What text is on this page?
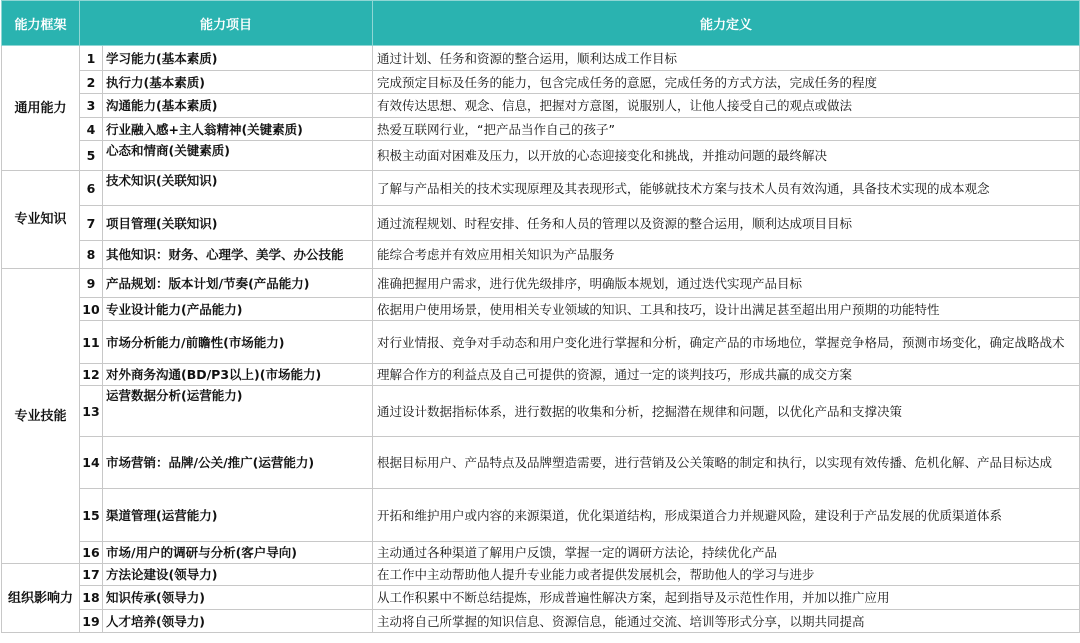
能力框架	能力项目		能力定义
通用能力	1	学习能力(基本素质)	通过计划、任务和资源的整合运用，顺利达成工作目标
	2	执行力(基本素质)	完成预定目标及任务的能力，包含完成任务的意愿，完成任务的方式方法，完成任务的程度
	3	沟通能力(基本素质)	有效传达思想、观念、信息，把握对方意图，说服别人，让他人接受自己的观点或做法
	4	行业融入感+主人翁精神(关键素质)	热爱互联网行业，“把产品当作自己的孩子”
	5	心态和情商(关键素质)	积极主动面对困难及压力，以开放的心态迎接变化和挑战，并推动问题的最终解决
专业知识	6	技术知识(关联知识)	了解与产品相关的技术实现原理及其表现形式，能够就技术方案与技术人员有效沟通，具备技术实现的成本观念
	7	项目管理(关联知识)	通过流程规划、时程安排、任务和人员的管理以及资源的整合运用，顺利达成项目目标
	8	其他知识：财务、心理学、美学、办公技能	能综合考虑并有效应用相关知识为产品服务
专业技能	9	产品规划：版本计划/节奏(产品能力)	准确把握用户需求，进行优先级排序，明确版本规划，通过迭代实现产品目标
	10	专业设计能力(产品能力)	依据用户使用场景，使用相关专业领域的知识、工具和技巧，设计出满足甚至超出用户预期的功能特性
	11	市场分析能力/前瞻性(市场能力)	对行业情报、竞争对手动态和用户变化进行掌握和分析，确定产品的市场地位，掌握竞争格局，预测市场变化，确定战略战术
	12	对外商务沟通(BD/P3以上)(市场能力)	理解合作方的利益点及自己可提供的资源，通过一定的谈判技巧，形成共赢的成交方案
	13	运营数据分析(运营能力)	通过设计数据指标体系，进行数据的收集和分析，挖掘潜在规律和问题，以优化产品和支撑决策
	14	市场营销：品牌/公关/推广(运营能力)	根据目标用户、产品特点及品牌塑造需要，进行营销及公关策略的制定和执行，以实现有效传播、危机化解、产品目标达成
	15	渠道管理(运营能力)	开拓和维护用户或内容的来源渠道，优化渠道结构，形成渠道合力并规避风险，建设利于产品发展的优质渠道体系
	16	市场/用户的调研与分析(客户导向)	主动通过各种渠道了解用户反馈，掌握一定的调研方法论，持续优化产品
组织影响力	17	方法论建设(领导力)	在工作中主动帮助他人提升专业能力或者提供发展机会，帮助他人的学习与进步
	18	知识传承(领导力)	从工作积累中不断总结提炼，形成普遍性解决方案，起到指导及示范性作用，并加以推广应用
	19	人才培养(领导力)	主动将自己所掌握的知识信息、资源信息，能通过交流、培训等形式分享，以期共同提高
